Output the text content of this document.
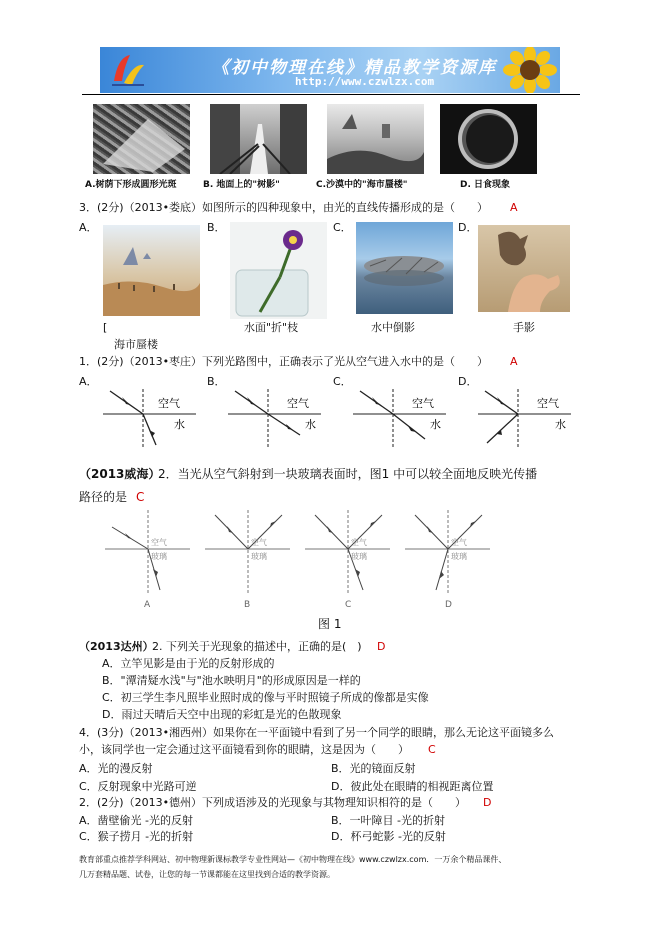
《初中物理在线》精品教学资源库
http://www.czwlzx.com
A.树荫下形成圆形光斑	B. 地面上的"树影"	C.沙漠中的"海市蜃楼"	D. 日食现象
3．(2分)（2013•娄底）如图所示的四种现象中，由光的直线传播形成的是（　　） A
A．	B．	C．	D．
[
海市蜃楼
水面"折"枝	水中倒影	手影
1．(2分)（2013•枣庄）下列光路图中，正确表示了光从空气进入水中的是（　　） A
A．	B．	C．	D．
空气
水
空气
水
空气
水
空气
水
（2013威海）
2．当光从空气斜射到一块玻璃表面时，图1 中可以较全面地反映光传播
路径的是 C
空气
玻璃
空气
玻璃
空气
玻璃
空气
玻璃
A	B	C	D
图 1
（2013达州）
2. 下列关于光现象的描述中，正确的是(　) D
A．立竿见影是由于光的反射形成的
B．"潭清疑水浅"与"池水映明月"的形成原因是一样的
C．初三学生李凡照毕业照时成的像与平时照镜子所成的像都是实像
D．雨过天晴后天空中出现的彩虹是光的色散现象
4．(3分)（2013•湘西州）如果你在一平面镜中看到了另一个同学的眼睛，那么无论这平面镜多么
小，该同学也一定会通过这平面镜看到你的眼睛，这是因为（　　） C
A．光的漫反射	B．光的镜面反射
C．反射现象中光路可逆	D．彼此处在眼睛的相视距离位置
2．(2分)（2013•德州）下列成语涉及的光现象与其物理知识相符的是（　　） D
A．凿壁偷光 -光的反射	B．一叶障目 -光的折射
C．猴子捞月 -光的折射	D．杯弓蛇影 -光的反射
教育部重点推荐学科网站、初中物理新课标教学专业性网站—《初中物理在线》www.czwlzx.com．一万余个精品课件、
几万套精品题、试卷，让您的每一节课都能在这里找到合适的教学资源。
